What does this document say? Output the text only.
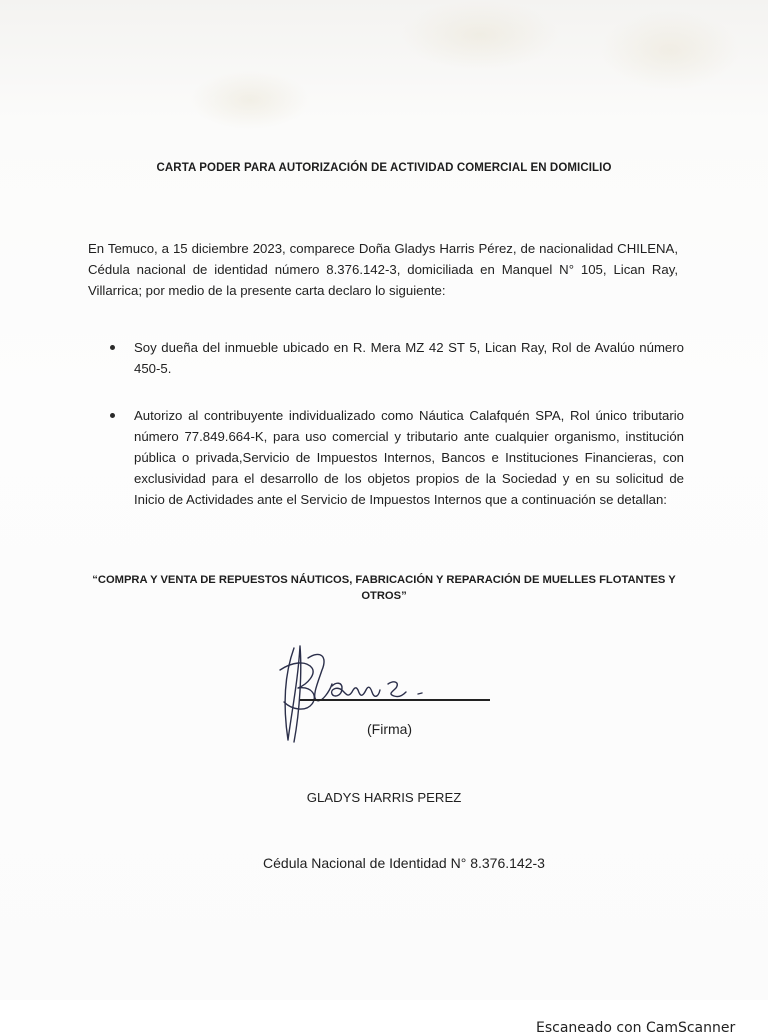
CARTA PODER PARA AUTORIZACIÓN DE ACTIVIDAD COMERCIAL EN DOMICILIO
En Temuco, a 15 diciembre 2023, comparece Doña Gladys Harris Pérez, de nacionalidad CHILENA, Cédula nacional de identidad número 8.376.142-3, domiciliada en Manquel N° 105, Lican Ray, Villarrica; por medio de la presente carta declaro lo siguiente:
Soy dueña del inmueble ubicado en R. Mera MZ 42 ST 5, Lican Ray, Rol de Avalúo número 450-5.
Autorizo al contribuyente individualizado como Náutica Calafquén SPA, Rol único tributario número 77.849.664-K, para uso comercial y tributario ante cualquier organismo, institución pública o privada,Servicio de Impuestos Internos, Bancos e Instituciones Financieras, con exclusividad para el desarrollo de los objetos propios de la Sociedad y en su solicitud de Inicio de Actividades ante el Servicio de Impuestos Internos que a continuación se detallan:
“COMPRA Y VENTA DE REPUESTOS NÁUTICOS, FABRICACIÓN Y REPARACIÓN DE MUELLES FLOTANTES Y OTROS”
(Firma)
GLADYS HARRIS PEREZ
Cédula Nacional de Identidad N° 8.376.142-3
Escaneado con CamScanner
